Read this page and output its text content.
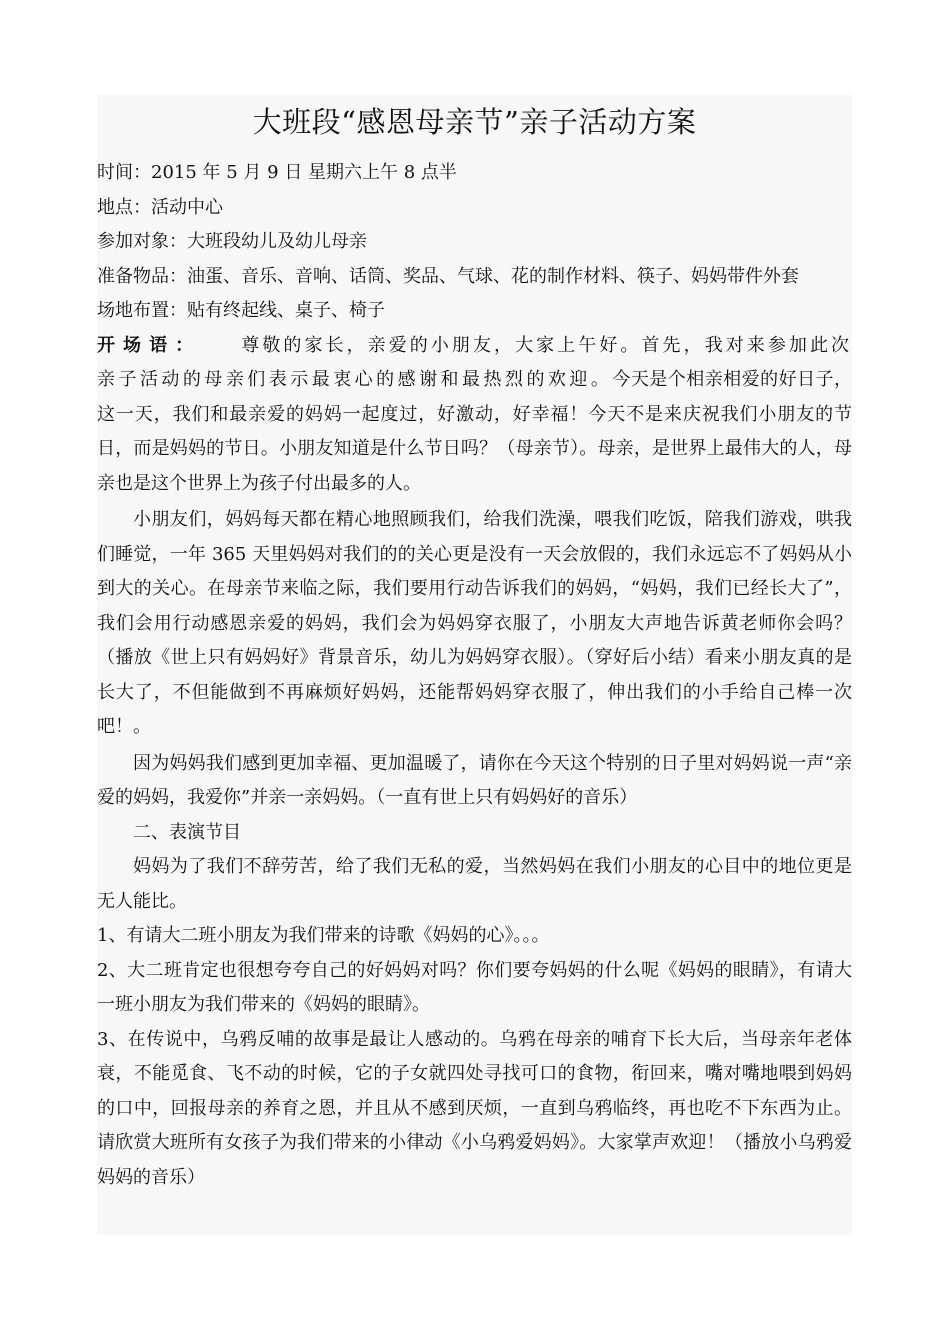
大班段“感恩母亲节”亲子活动方案
时间：2015 年 5 月 9 日 星期六上午 8 点半
地点：活动中心
参加对象：大班段幼儿及幼儿母亲
准备物品：油蛋、音乐、音响、话筒、奖品、气球、花的制作材料、筷子、妈妈带件外套
场地布置：贴有终起线、桌子、椅子

开场语： 尊敬的家长，亲爱的小朋友，大家上午好。首先，我对来参加此次亲子活动的母亲们表示最衷心的感谢和最热烈的欢迎。今天是个相亲相爱的好日子，这一天，我们和最亲爱的妈妈一起度过，好激动，好幸福！今天不是来庆祝我们小朋友的节日，而是妈妈的节日。小朋友知道是什么节日吗？（母亲节）。母亲，是世界上最伟大的人，母亲也是这个世界上为孩子付出最多的人。

小朋友们，妈妈每天都在精心地照顾我们，给我们洗澡，喂我们吃饭，陪我们游戏，哄我们睡觉，一年 365 天里妈妈对我们的的关心更是没有一天会放假的，我们永远忘不了妈妈从小到大的关心。在母亲节来临之际，我们要用行动告诉我们的妈妈，“妈妈，我们已经长大了”，我们会用行动感恩亲爱的妈妈，我们会为妈妈穿衣服了，小朋友大声地告诉黄老师你会吗？（播放《世上只有妈妈好》背景音乐，幼儿为妈妈穿衣服）。（穿好后小结）看来小朋友真的是长大了，不但能做到不再麻烦好妈妈，还能帮妈妈穿衣服了，伸出我们的小手给自己棒一次吧！。

因为妈妈我们感到更加幸福、更加温暖了，请你在今天这个特别的日子里对妈妈说一声“亲爱的妈妈，我爱你”并亲一亲妈妈。（一直有世上只有妈妈好的音乐）

二、表演节目

妈妈为了我们不辞劳苦，给了我们无私的爱，当然妈妈在我们小朋友的心目中的地位更是无人能比。

1、有请大二班小朋友为我们带来的诗歌《妈妈的心》。。。

2、大二班肯定也很想夸夸自己的好妈妈对吗？你们要夸妈妈的什么呢《妈妈的眼睛》，有请大一班小朋友为我们带来的《妈妈的眼睛》。

3、在传说中，乌鸦反哺的故事是最让人感动的。乌鸦在母亲的哺育下长大后，当母亲年老体衰，不能觅食、飞不动的时候，它的子女就四处寻找可口的食物，衔回来，嘴对嘴地喂到妈妈的口中，回报母亲的养育之恩，并且从不感到厌烦，一直到乌鸦临终，再也吃不下东西为止。请欣赏大班所有女孩子为我们带来的小律动《小乌鸦爱妈妈》。大家掌声欢迎！（播放小乌鸦爱妈妈的音乐）
